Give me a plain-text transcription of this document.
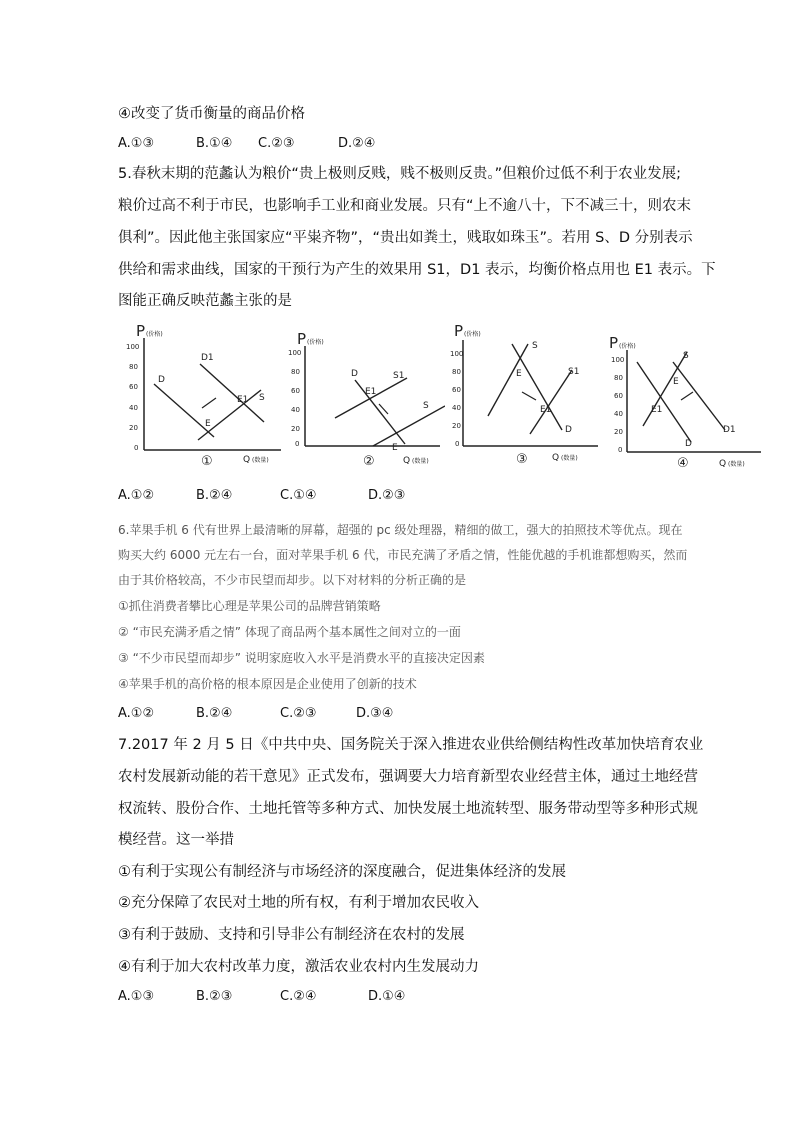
④改变了货币衡量的商品价格
A.①③	B.①④ C.②③	D.②④
5.春秋末期的范蠡认为粮价“贵上极则反贱，贱不极则反贵。”但粮价过低不利于农业发展;
粮价过高不利于市民，也影响手工业和商业发展。只有“上不逾八十，下不减三十，则农末
俱利”。因此他主张国家应“平粜齐物”，“贵出如粪土，贱取如珠玉”。若用 S、D 分别表示
供给和需求曲线，国家的干预行为产生的效果用 S1，D1 表示，均衡价格点用也 E1 表示。下
图能正确反映范蠡主张的是
P (价格)
100
80
60
40
20
0
D
D1
E
E1 S
①	Q (数量)
P (价格)
100
80
60
40
20
0
D
E1
S1
S
E
②	Q (数量)
P (价格)
100
80
60
40
20
0
S
E	S1
E1
D
③	Q (数量)
P (价格)
100
80
60
40
20
0
S
E
E1
D
D1
④	Q (数量)
A.①②	B.②④	C.①④	D.②③
6.苹果手机 6 代有世界上最清晰的屏幕，超强的 pc 级处理器，精细的做工，强大的拍照技术等优点。现在
购买大约 6000 元左右一台，面对苹果手机 6 代，市民充满了矛盾之情，性能优越的手机谁都想购买，然而
由于其价格较高，不少市民望而却步。以下对材料的分析正确的是
①抓住消费者攀比心理是苹果公司的品牌营销策略
② “市民充满矛盾之情” 体现了商品两个基本属性之间对立的一面
③ “不少市民望而却步” 说明家庭收入水平是消费水平的直接决定因素
④苹果手机的高价格的根本原因是企业使用了创新的技术
A.①②	B.②④	C.②③	D.③④
7.2017 年 2 月 5 日《中共中央、国务院关于深入推进农业供给侧结构性改革加快培育农业
农村发展新动能的若干意见》正式发布，强调要大力培育新型农业经营主体，通过土地经营
权流转、股份合作、土地托管等多种方式、加快发展土地流转型、服务带动型等多种形式规
模经营。这一举措
①有利于实现公有制经济与市场经济的深度融合，促进集体经济的发展
②充分保障了农民对土地的所有权，有利于增加农民收入
③有利于鼓励、支持和引导非公有制经济在农村的发展
④有利于加大农村改革力度，激活农业农村内生发展动力
A.①③	B.②③	C.②④	D.①④
